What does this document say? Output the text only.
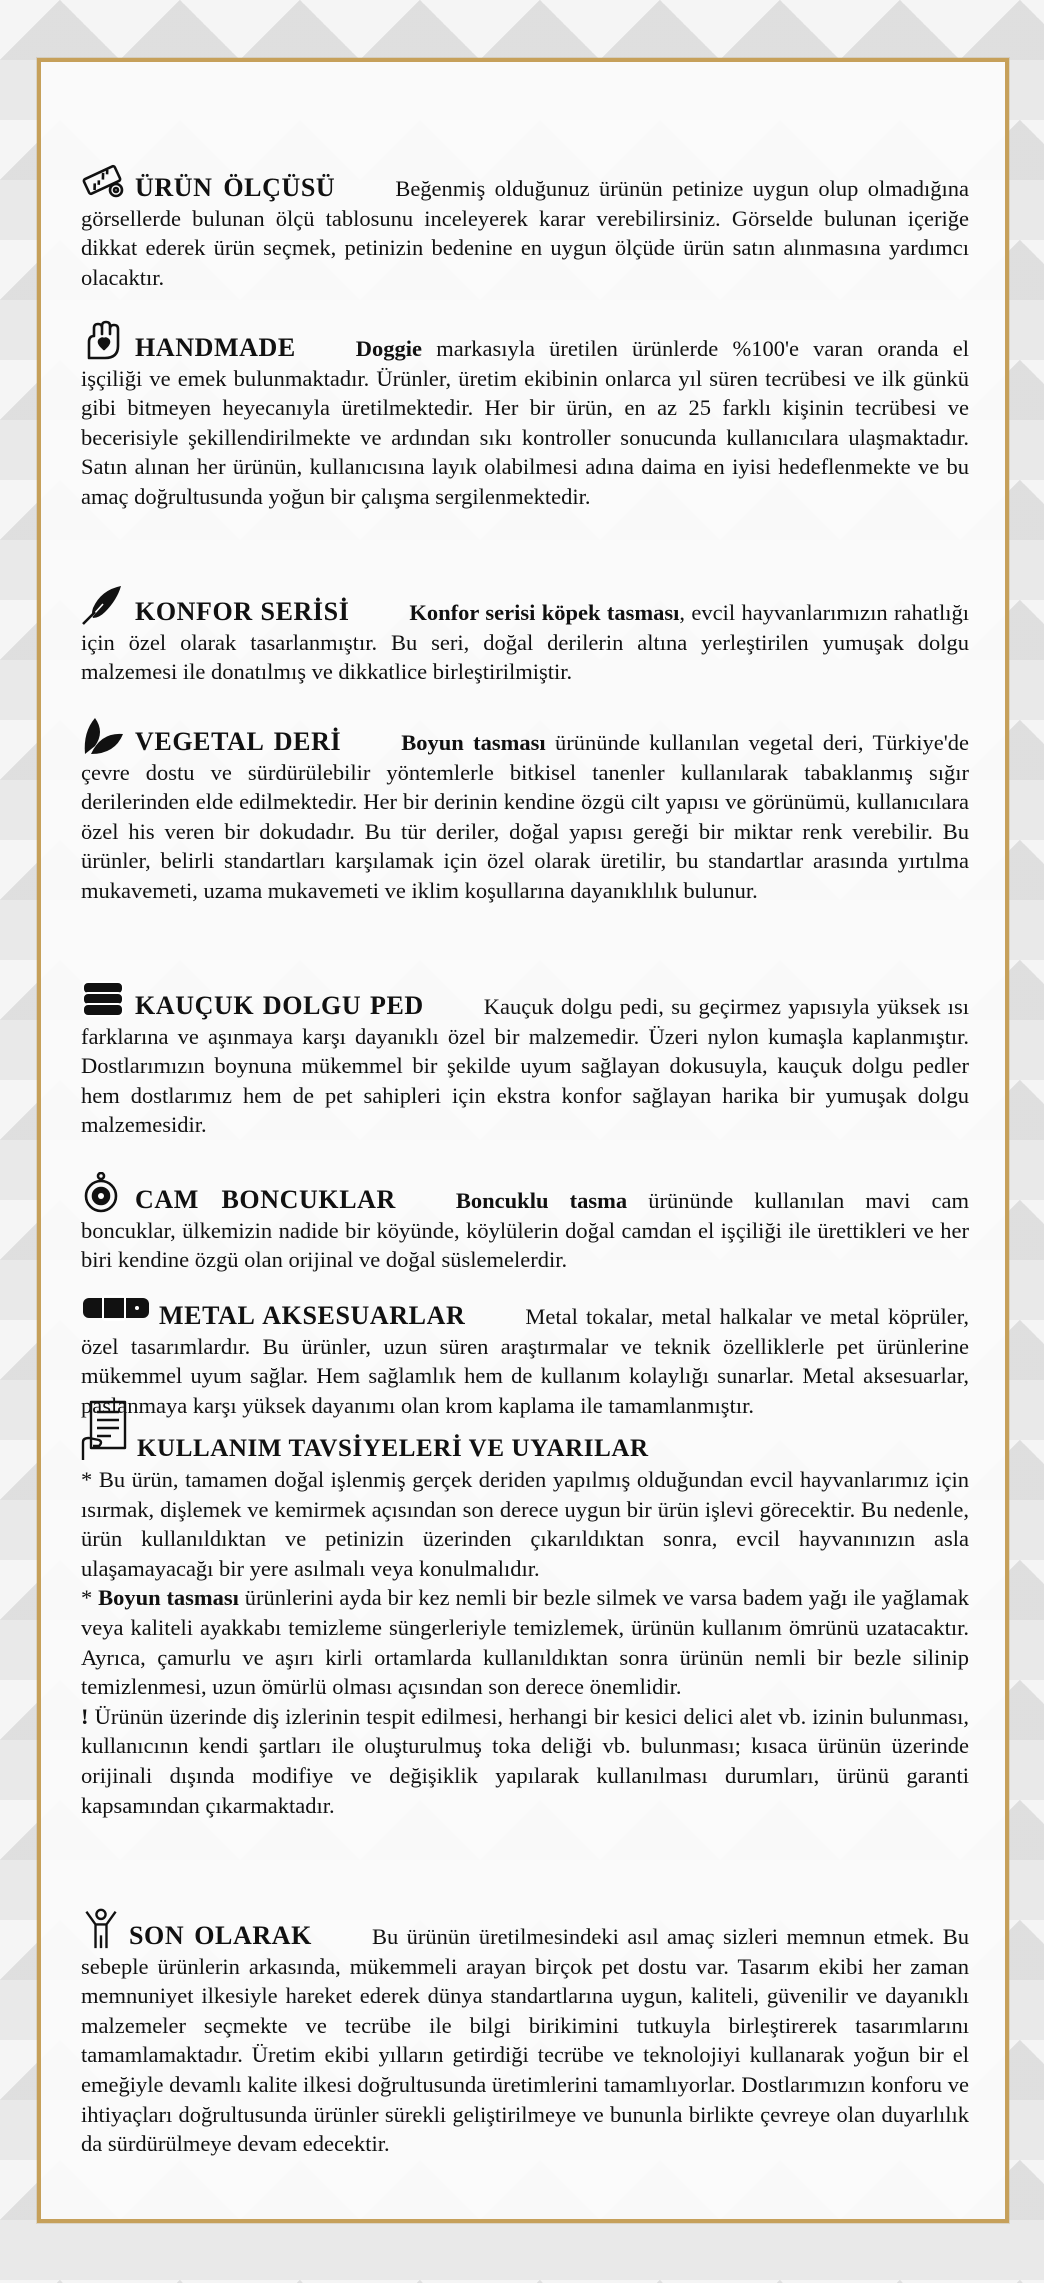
ÜRÜN ÖLÇÜSÜ	Beğenmiş olduğunuz ürünün petinize uygun olup olmadığına görsellerde bulunan ölçü tablosunu inceleyerek karar verebilirsiniz. Görselde bulunan içeriğe dikkat ederek ürün seçmek, petinizin bedenine en uygun ölçüde ürün satın alınmasına yardımcı olacaktır.

HANDMADE	Doggie markasıyla üretilen ürünlerde %100'e varan oranda el işçiliği ve emek bulunmaktadır. Ürünler, üretim ekibinin onlarca yıl süren tecrübesi ve ilk günkü gibi bitmeyen heyecanıyla üretilmektedir. Her bir ürün, en az 25 farklı kişinin tecrübesi ve becerisiyle şekillendirilmekte ve ardından sıkı kontroller sonucunda kullanıcılara ulaşmaktadır. Satın alınan her ürünün, kullanıcısına layık olabilmesi adına daima en iyisi hedeflenmekte ve bu amaç doğrultusunda yoğun bir çalışma sergilenmektedir.

KONFOR SERİSİ	Konfor serisi köpek tasması, evcil hayvanlarımızın rahatlığı için özel olarak tasarlanmıştır. Bu seri, doğal derilerin altına yerleştirilen yumuşak dolgu malzemesi ile donatılmış ve dikkatlice birleştirilmiştir.

VEGETAL DERİ	Boyun tasması ürününde kullanılan vegetal deri, Türkiye'de çevre dostu ve sürdürülebilir yöntemlerle bitkisel tanenler kullanılarak tabaklanmış sığır derilerinden elde edilmektedir. Her bir derinin kendine özgü cilt yapısı ve görünümü, kullanıcılara özel his veren bir dokudadır. Bu tür deriler, doğal yapısı gereği bir miktar renk verebilir. Bu ürünler, belirli standartları karşılamak için özel olarak üretilir, bu standartlar arasında yırtılma mukavemeti, uzama mukavemeti ve iklim koşullarına dayanıklılık bulunur.

KAUÇUK DOLGU PED	Kauçuk dolgu pedi, su geçirmez yapısıyla yüksek ısı farklarına ve aşınmaya karşı dayanıklı özel bir malzemedir. Üzeri nylon kumaşla kaplanmıştır. Dostlarımızın boynuna mükemmel bir şekilde uyum sağlayan dokusuyla, kauçuk dolgu pedler hem dostlarımız hem de pet sahipleri için ekstra konfor sağlayan harika bir yumuşak dolgu malzemesidir.

CAM BONCUKLAR	Boncuklu tasma ürününde kullanılan mavi cam boncuklar, ülkemizin nadide bir köyünde, köylülerin doğal camdan el işçiliği ile ürettikleri ve her biri kendine özgü olan orijinal ve doğal süslemelerdir.

METAL AKSESUARLAR	Metal tokalar, metal halkalar ve metal köprüler, özel tasarımlardır. Bu ürünler, uzun süren araştırmalar ve teknik özelliklerle pet ürünlerine mükemmel uyum sağlar. Hem sağlamlık hem de kullanım kolaylığı sunarlar. Metal aksesuarlar, paslanmaya karşı yüksek dayanımı olan krom kaplama ile tamamlanmıştır.

KULLANIM TAVSİYELERİ VE UYARILAR

* Bu ürün, tamamen doğal işlenmiş gerçek deriden yapılmış olduğundan evcil hayvanlarımız için ısırmak, dişlemek ve kemirmek açısından son derece uygun bir ürün işlevi görecektir. Bu nedenle, ürün kullanıldıktan ve petinizin üzerinden çıkarıldıktan sonra, evcil hayvanınızın asla ulaşamayacağı bir yere asılmalı veya konulmalıdır.

* Boyun tasması ürünlerini ayda bir kez nemli bir bezle silmek ve varsa badem yağı ile yağlamak veya kaliteli ayakkabı temizleme süngerleriyle temizlemek, ürünün kullanım ömrünü uzatacaktır. Ayrıca, çamurlu ve aşırı kirli ortamlarda kullanıldıktan sonra ürünün nemli bir bezle silinip temizlenmesi, uzun ömürlü olması açısından son derece önemlidir.

! Ürünün üzerinde diş izlerinin tespit edilmesi, herhangi bir kesici delici alet vb. izinin bulunması, kullanıcının kendi şartları ile oluşturulmuş toka deliği vb. bulunması; kısaca ürünün üzerinde orijinali dışında modifiye ve değişiklik yapılarak kullanılması durumları, ürünü garanti kapsamından çıkarmaktadır.

SON OLARAK	Bu ürünün üretilmesindeki asıl amaç sizleri memnun etmek. Bu sebeple ürünlerin arkasında, mükemmeli arayan birçok pet dostu var. Tasarım ekibi her zaman memnuniyet ilkesiyle hareket ederek dünya standartlarına uygun, kaliteli, güvenilir ve dayanıklı malzemeler seçmekte ve tecrübe ile bilgi birikimini tutkuyla birleştirerek tasarımlarını tamamlamaktadır. Üretim ekibi yılların getirdiği tecrübe ve teknolojiyi kullanarak yoğun bir el emeğiyle devamlı kalite ilkesi doğrultusunda üretimlerini tamamlıyorlar. Dostlarımızın konforu ve ihtiyaçları doğrultusunda ürünler sürekli geliştirilmeye ve bununla birlikte çevreye olan duyarlılık da sürdürülmeye devam edecektir.
